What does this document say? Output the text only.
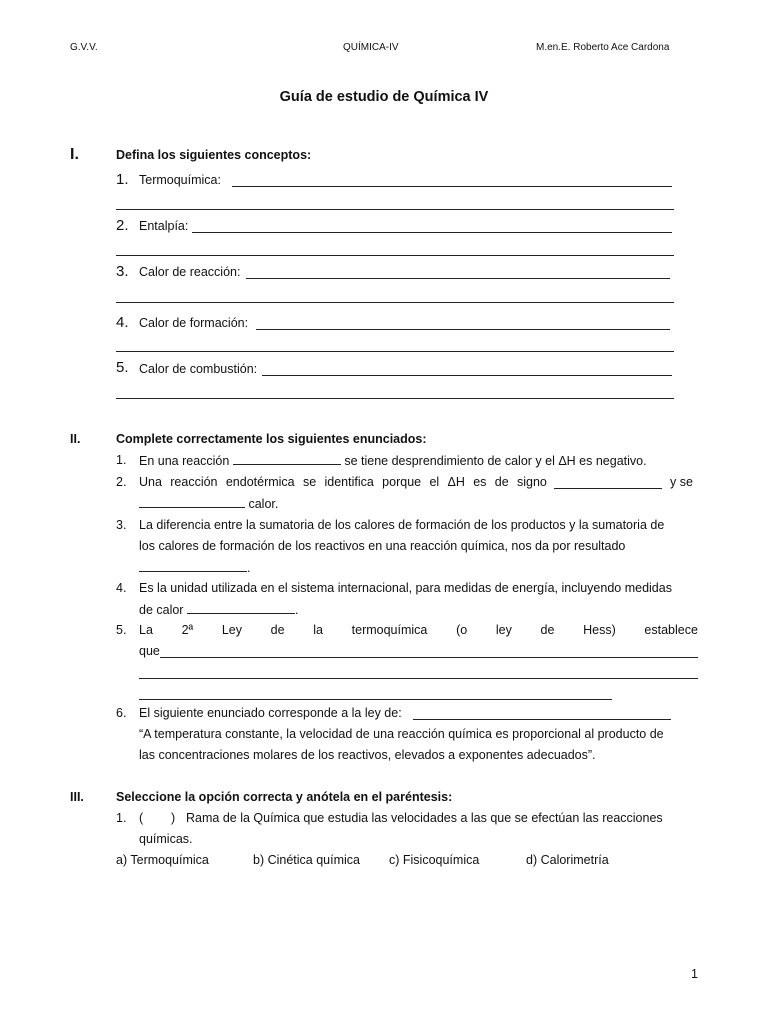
G.V.V.	QUÍMICA-IV	M.en.E. Roberto Ace Cardona
Guía de estudio de Química IV
I.	Defina los siguientes conceptos:
1. Termoquímica:
2. Entalpía:
3. Calor de reacción:
4. Calor de formación:
5. Calor de combustión:
II.	Complete correctamente los siguientes enunciados:
1. En una reacción	se tiene desprendimiento de calor y el ΔH es negativo.
2. Una reacción endotérmica se identifica porque el ΔH es de signo	y se
calor.
3. La diferencia entre la sumatoria de los calores de formación de los productos y la sumatoria de
los calores de formación de los reactivos en una reacción química, nos da por resultado
.
4. Es la unidad utilizada en el sistema internacional, para medidas de energía, incluyendo medidas
de calor	.
5. La 2ª Ley de la termoquímica (o ley de Hess) establece
que
6. El siguiente enunciado corresponde a la ley de:
“A temperatura constante, la velocidad de una reacción química es proporcional al producto de
las concentraciones molares de los reactivos, elevados a exponentes adecuados”.
III.	Seleccione la opción correcta y anótela en el paréntesis:
1. (        ) Rama de la Química que estudia las velocidades a las que se efectúan las reacciones
químicas.
a) Termoquímica	b) Cinética química c) Fisicoquímica	d) Calorimetría
1
